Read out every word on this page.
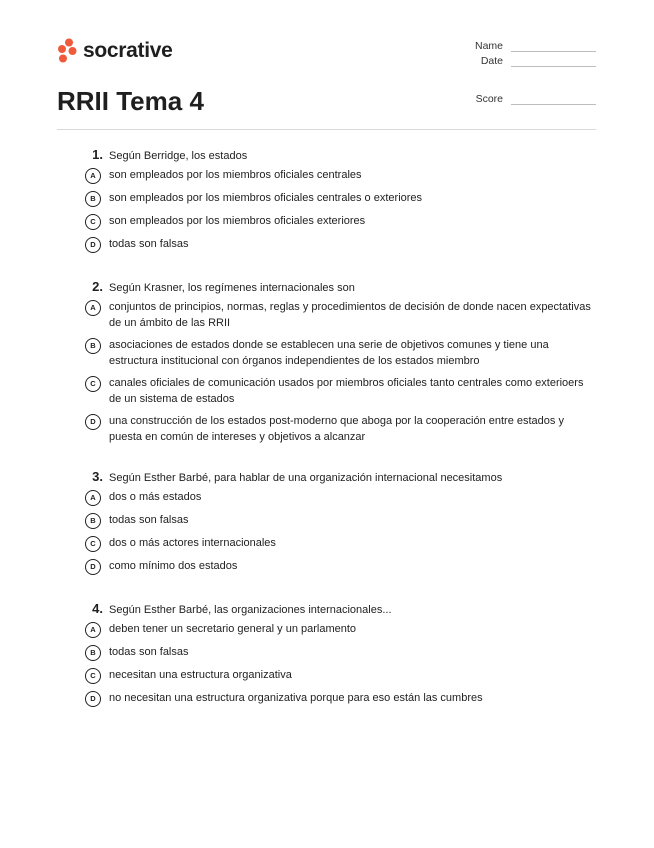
socrative
RRII Tema 4
Name
Date
Score
1. Según Berridge, los estados
A	son empleados por los miembros oficiales centrales
B	son empleados por los miembros oficiales centrales o exteriores
C	son empleados por los miembros oficiales exteriores
D	todas son falsas
2. Según Krasner, los regímenes internacionales son
A	conjuntos de principios, normas, reglas y procedimientos de decisión de donde nacen expectativas de un ámbito de las RRII
B	asociaciones de estados donde se establecen una serie de objetivos comunes y tiene una estructura institucional con órganos independientes de los estados miembro
C	canales oficiales de comunicación usados por miembros oficiales tanto centrales como exterioers de un sistema de estados
D	una construcción de los estados post-moderno que aboga por la cooperación entre estados y puesta en común de intereses y objetivos a alcanzar
3. Según Esther Barbé, para hablar de una organización internacional necesitamos
A	dos o más estados
B	todas son falsas
C	dos o más actores internacionales
D	como mínimo dos estados
4. Según Esther Barbé, las organizaciones internacionales...
A	deben tener un secretario general y un parlamento
B	todas son falsas
C	necesitan una estructura organizativa
D	no necesitan una estructura organizativa porque para eso están las cumbres
